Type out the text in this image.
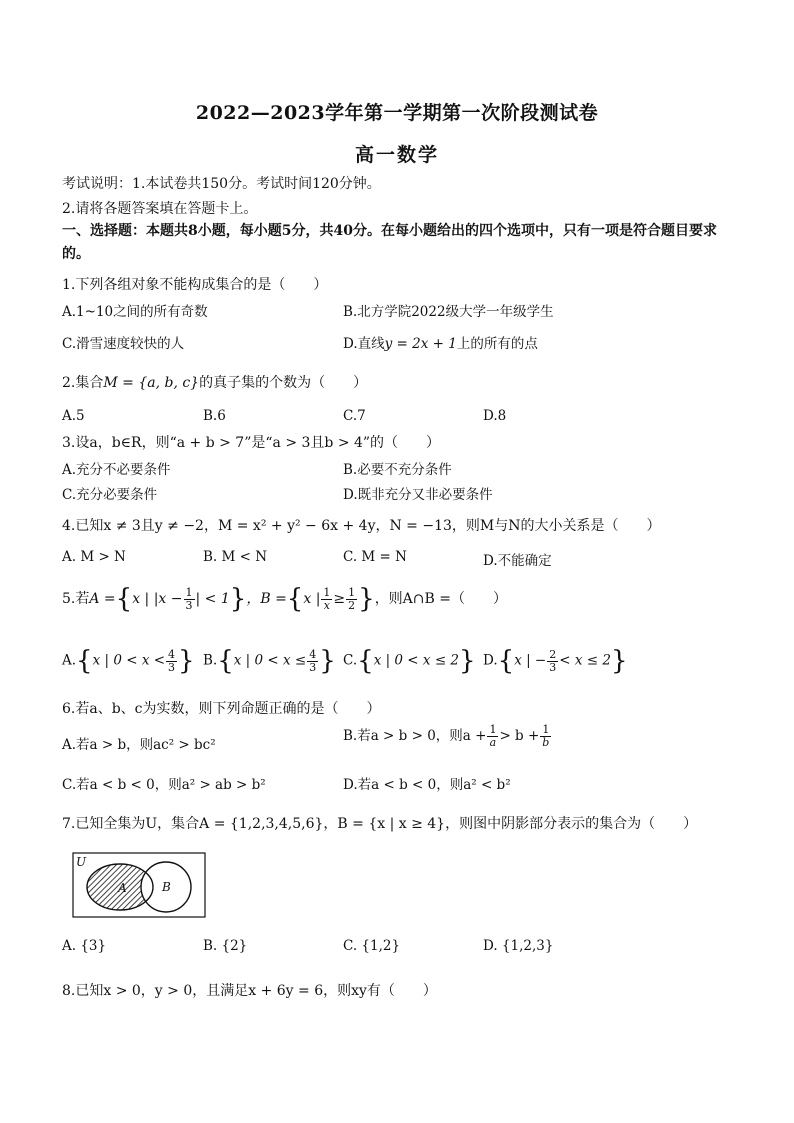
2022—2023学年第一学期第一次阶段测试卷
高一数学
考试说明：1.本试卷共150分。考试时间120分钟。
2.请将各题答案填在答题卡上。
一、选择题：本题共8小题，每小题5分，共40分。在每小题给出的四个选项中，只有一项是符合题目要求的。
1.下列各组对象不能构成集合的是（　　）
A.1~10之间的所有奇数	B.北方学院2022级大学一年级学生
C.滑雪速度较快的人	D.直线y = 2x + 1上的所有的点
2.集合M = {a, b, c}的真子集的个数为（　　）
A.5	B.6	C.7	D.8
3.设a，b∈R，则“a + b > 7”是“a > 3且b > 4”的（　　）
A.充分不必要条件	B.必要不充分条件
C.充分必要条件	D.既非充分又非必要条件
4.已知x ≠ 3且y ≠ −2，M = x² + y² − 6x + 4y，N = −13，则M与N的大小关系是（　　）
A. M > N	B. M < N	C. M = N	D.不能确定
5.若A ={x | $|x - \frac{1}{3}$ | < 1}，B ={x | $\frac{1}{x} \ge \frac{1}{2}$ }，则A∩B =（　　）
A.{x | $0 < x < \frac{4}{3}$ } B.{x | $0 < x \le \frac{4}{3}$ } C.{x | 0 < x ≤ 2} D.{x | − $\frac{2}{3} < x \le 2$}
6.若a、b、c为实数，则下列命题正确的是（　　）
A.若a > b，则ac² > bc²
B.若a > b > 0，则$a + \frac{1}{a} > b + \frac{1}{b}$
C.若a < b < 0，则a² > ab > b²	D.若a < b < 0，则a² < b²
7.已知全集为U，集合A = {1,2,3,4,5,6}，B = {x | x ≥ 4}，则图中阴影部分表示的集合为（　　）
U
A	B
A. {3}	B. {2}	C. {1,2}	D. {1,2,3}
8.已知x > 0，y > 0，且满足x + 6y = 6，则xy有（　　）
